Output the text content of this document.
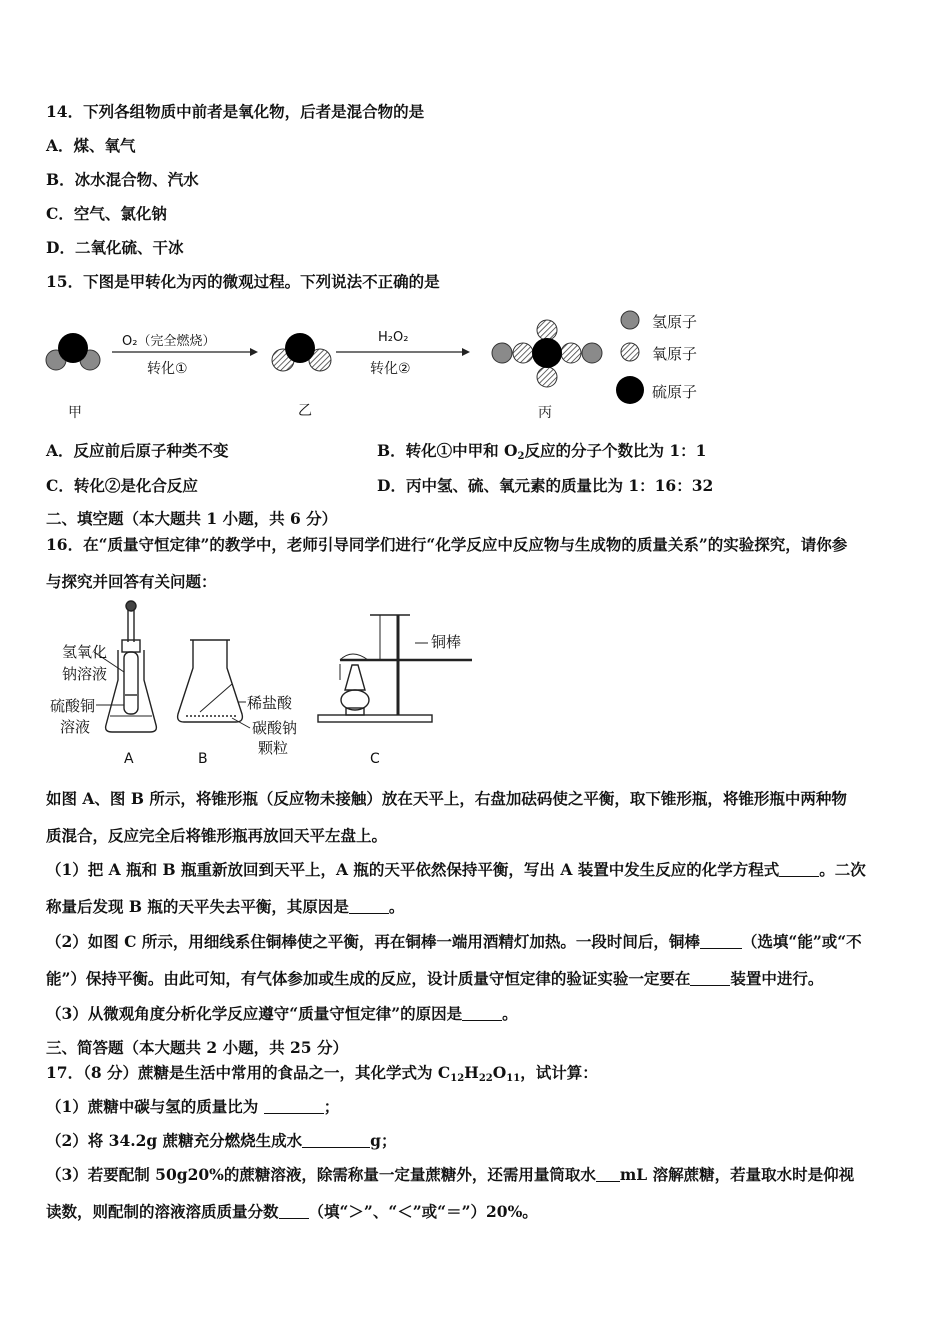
14．下列各组物质中前者是氧化物，后者是混合物的是
A．煤、氧气
B．冰水混合物、汽水
C．空气、氯化钠
D．二氧化硫、干冰
15．下图是甲转化为丙的微观过程。下列说法不正确的是
O₂（完全燃烧）
转化①
H₂O₂
转化②
甲	乙	丙
氢原子
氧原子
硫原子
A．反应前后原子种类不变	B．转化①中甲和 $O_2$反应的分子个数比为 1：1
C．转化②是化合反应	D．丙中氢、硫、氧元素的质量比为 1：16：32
二、填空题（本大题共 1 小题，共 6 分）
16．在“质量守恒定律”的教学中，老师引导同学们进行“化学反应中反应物与生成物的质量关系”的实验探究，请你参
与探究并回答有关问题：
氢氧化
钠溶液
硫酸铜
溶液
稀盐酸
碳酸钠
颗粒
铜棒
A	B	C
如图 A、图 B 所示，将锥形瓶（反应物未接触）放在天平上，右盘加砝码使之平衡，取下锥形瓶，将锥形瓶中两种物
质混合，反应完全后将锥形瓶再放回天平左盘上。
（1）把 A 瓶和 B 瓶重新放回到天平上，A 瓶的天平依然保持平衡，写出 A 装置中发生反应的化学方程式	。二次
称量后发现 B 瓶的天平失去平衡，其原因是	。
（2）如图 C 所示，用细线系住铜棒使之平衡，再在铜棒一端用酒精灯加热。一段时间后，铜棒	（选填“能”或“不
能”）保持平衡。由此可知，有气体参加或生成的反应，设计质量守恒定律的验证实验一定要在	装置中进行。
（3）从微观角度分析化学反应遵守“质量守恒定律”的原因是	。
三、简答题（本大题共 2 小题，共 25 分）
17．（8 分）蔗糖是生活中常用的食品之一，其化学式为 $C_{12}H_{22}O_{11}$，试计算：
（1）蔗糖中碳与氢的质量比为	；
（2）将 34.2g 蔗糖充分燃烧生成水	g；
（3）若要配制 50g20%的蔗糖溶液，除需称量一定量蔗糖外，还需用量筒取水 mL 溶解蔗糖，若量取水时是仰视
读数，则配制的溶液溶质质量分数 （填“＞”、“＜”或“＝”）20%。
